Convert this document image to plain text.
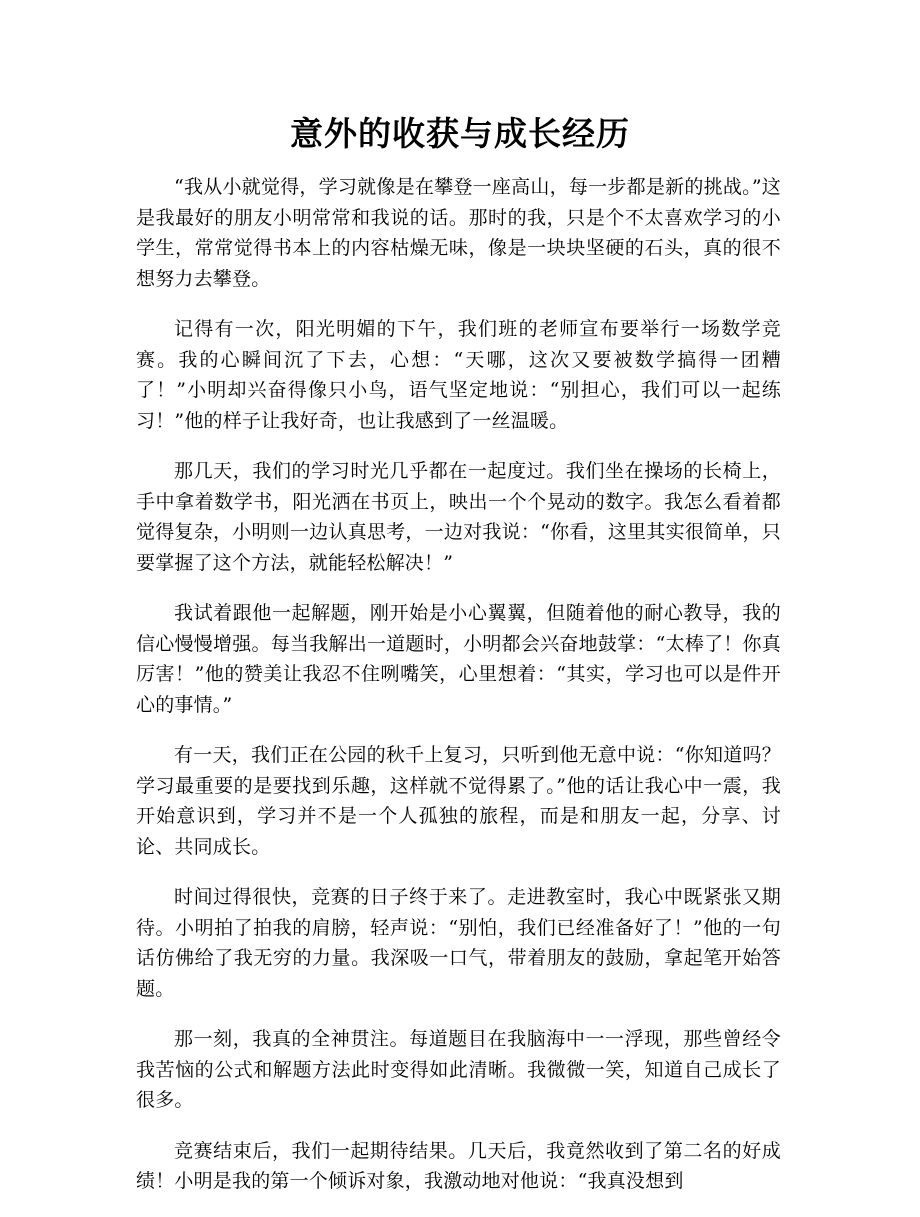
意外的收获与成长经历

“我从小就觉得，学习就像是在攀登一座高山，每一步都是新的挑战。”这是我最好的朋友小明常常和我说的话。那时的我，只是个不太喜欢学习的小学生，常常觉得书本上的内容枯燥无味，像是一块块坚硬的石头，真的很不想努力去攀登。

记得有一次，阳光明媚的下午，我们班的老师宣布要举行一场数学竞赛。我的心瞬间沉了下去，心想：“天哪，这次又要被数学搞得一团糟了！”小明却兴奋得像只小鸟，语气坚定地说：“别担心，我们可以一起练习！”他的样子让我好奇，也让我感到了一丝温暖。

那几天，我们的学习时光几乎都在一起度过。我们坐在操场的长椅上，手中拿着数学书，阳光洒在书页上，映出一个个晃动的数字。我怎么看着都觉得复杂，小明则一边认真思考，一边对我说：“你看，这里其实很简单，只要掌握了这个方法，就能轻松解决！”

我试着跟他一起解题，刚开始是小心翼翼，但随着他的耐心教导，我的信心慢慢增强。每当我解出一道题时，小明都会兴奋地鼓掌：“太棒了！你真厉害！”他的赞美让我忍不住咧嘴笑，心里想着：“其实，学习也可以是件开心的事情。”

有一天，我们正在公园的秋千上复习，只听到他无意中说：“你知道吗？学习最重要的是要找到乐趣，这样就不觉得累了。”他的话让我心中一震，我开始意识到，学习并不是一个人孤独的旅程，而是和朋友一起，分享、讨论、共同成长。

时间过得很快，竞赛的日子终于来了。走进教室时，我心中既紧张又期待。小明拍了拍我的肩膀，轻声说：“别怕，我们已经准备好了！”他的一句话仿佛给了我无穷的力量。我深吸一口气，带着朋友的鼓励，拿起笔开始答题。

那一刻，我真的全神贯注。每道题目在我脑海中一一浮现，那些曾经令我苦恼的公式和解题方法此时变得如此清晰。我微微一笑，知道自己成长了很多。

竞赛结束后，我们一起期待结果。几天后，我竟然收到了第二名的好成绩！小明是我的第一个倾诉对象，我激动地对他说：“我真没想到
